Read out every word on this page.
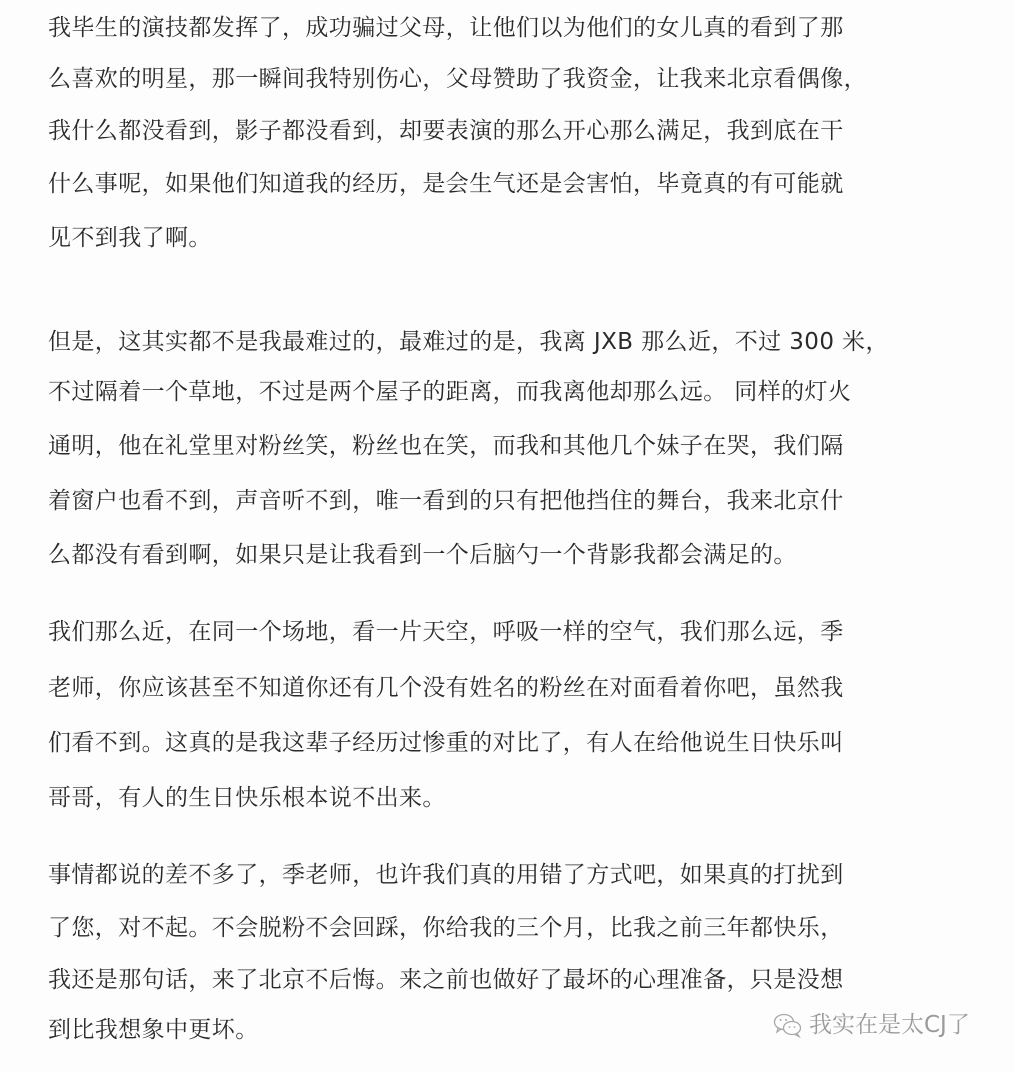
我毕生的演技都发挥了，成功骗过父母，让他们以为他们的女儿真的看到了那
么喜欢的明星，那一瞬间我特别伤心，父母赞助了我资金，让我来北京看偶像，
我什么都没看到，影子都没看到，却要表演的那么开心那么满足，我到底在干
什么事呢，如果他们知道我的经历，是会生气还是会害怕，毕竟真的有可能就
见不到我了啊。
但是，这其实都不是我最难过的，最难过的是，我离 JXB 那么近，不过 300 米，
不过隔着一个草地，不过是两个屋子的距离，而我离他却那么远。 同样的灯火
通明，他在礼堂里对粉丝笑，粉丝也在笑，而我和其他几个妹子在哭，我们隔
着窗户也看不到，声音听不到，唯一看到的只有把他挡住的舞台，我来北京什
么都没有看到啊，如果只是让我看到一个后脑勺一个背影我都会满足的。
我们那么近，在同一个场地，看一片天空，呼吸一样的空气，我们那么远，季
老师，你应该甚至不知道你还有几个没有姓名的粉丝在对面看着你吧，虽然我
们看不到。这真的是我这辈子经历过惨重的对比了，有人在给他说生日快乐叫
哥哥，有人的生日快乐根本说不出来。
事情都说的差不多了，季老师，也许我们真的用错了方式吧，如果真的打扰到
了您，对不起。不会脱粉不会回踩，你给我的三个月，比我之前三年都快乐，
我还是那句话，来了北京不后悔。来之前也做好了最坏的心理准备，只是没想
到比我想象中更坏。	我实在是太CJ了
